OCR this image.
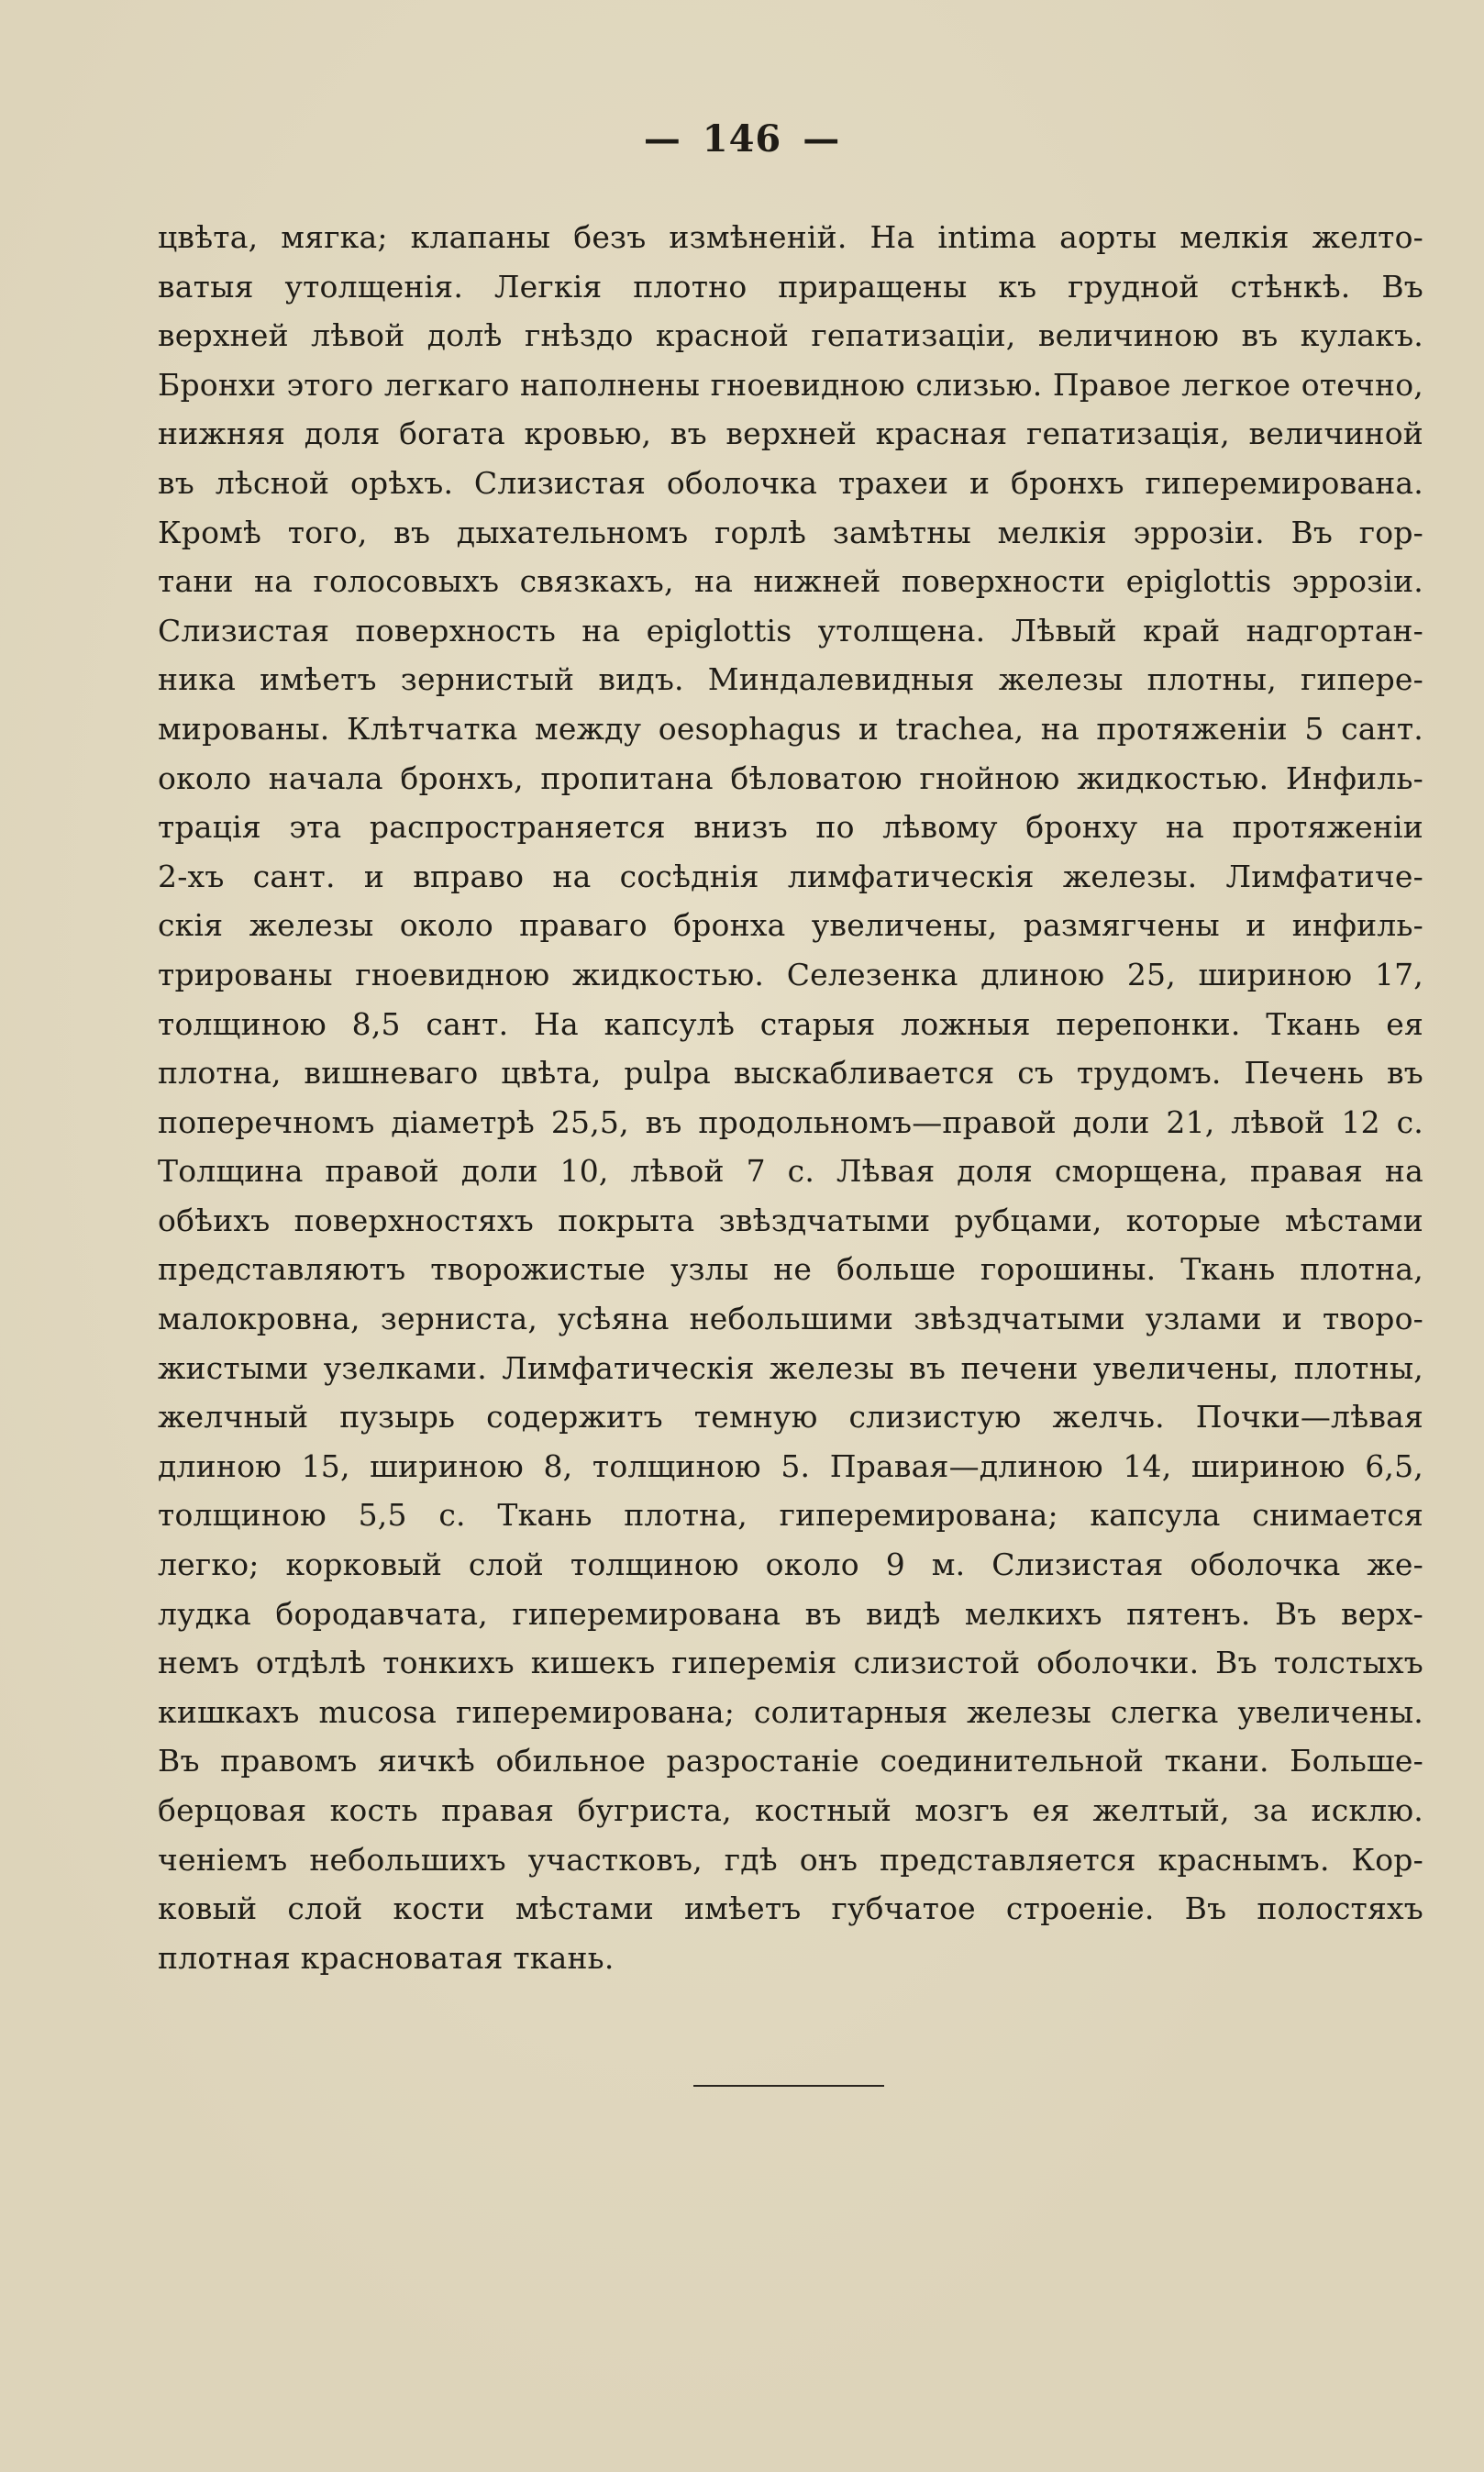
— 146 —
цвѣта, мягка; клапаны безъ измѣненій. На intima аорты мелкія желто-
ватыя утолщенія. Легкія плотно приращены къ грудной стѣнкѣ. Въ
верхней лѣвой долѣ гнѣздо красной гепатизаціи, величиною въ кулакъ.
Бронхи этого легкаго наполнены гноевидною слизью. Правое легкое отечно,
нижняя доля богата кровью, въ верхней красная гепатизація, величиной
въ лѣсной орѣхъ. Слизистая оболочка трахеи и бронхъ гиперемирована.
Кромѣ того, въ дыхательномъ горлѣ замѣтны мелкія эррозіи. Въ гор-
тани на голосовыхъ связкахъ, на нижней поверхности epiglottis эррозіи.
Слизистая поверхность на epiglottis утолщена. Лѣвый край надгортан-
ника имѣетъ зернистый видъ. Миндалевидныя железы плотны, гипере-
мированы. Клѣтчатка между oesophagus и trachea, на протяженіи 5 сант.
около начала бронхъ, пропитана бѣловатою гнойною жидкостью. Инфиль-
трація эта распространяется внизъ по лѣвому бронху на протяженіи
2-хъ сант. и вправо на сосѣднія лимфатическія железы. Лимфатиче-
скія железы около праваго бронха увеличены, размягчены и инфиль-
трированы гноевидною жидкостью. Селезенка длиною 25, шириною 17,
толщиною 8,5 сант. На капсулѣ старыя ложныя перепонки. Ткань ея
плотна, вишневаго цвѣта, pulpa выскабливается съ трудомъ. Печень въ
поперечномъ діаметрѣ 25,5, въ продольномъ—правой доли 21, лѣвой 12 с.
Толщина правой доли 10, лѣвой 7 с. Лѣвая доля сморщена, правая на
обѣихъ поверхностяхъ покрыта звѣздчатыми рубцами, которые мѣстами
представляютъ творожистые узлы не больше горошины. Ткань плотна,
малокровна, зерниста, усѣяна небольшими звѣздчатыми узлами и творо-
жистыми узелками. Лимфатическія железы въ печени увеличены, плотны,
желчный пузырь содержитъ темную слизистую желчь. Почки—лѣвая
длиною 15, шириною 8, толщиною 5. Правая—длиною 14, шириною 6,5,
толщиною 5,5 с. Ткань плотна, гиперемирована; капсула снимается
легко; корковый слой толщиною около 9 м. Слизистая оболочка же-
лудка бородавчата, гиперемирована въ видѣ мелкихъ пятенъ. Въ верх-
немъ отдѣлѣ тонкихъ кишекъ гиперемія слизистой оболочки. Въ толстыхъ
кишкахъ mucosa гиперемирована; солитарныя железы слегка увеличены.
Въ правомъ яичкѣ обильное разростаніе соединительной ткани. Больше-
берцовая кость правая бугриста, костный мозгъ ея желтый, за исклю.
ченіемъ небольшихъ участковъ, гдѣ онъ представляется краснымъ. Кор-
ковый слой кости мѣстами имѣетъ губчатое строеніе. Въ полостяхъ
плотная красноватая ткань.
